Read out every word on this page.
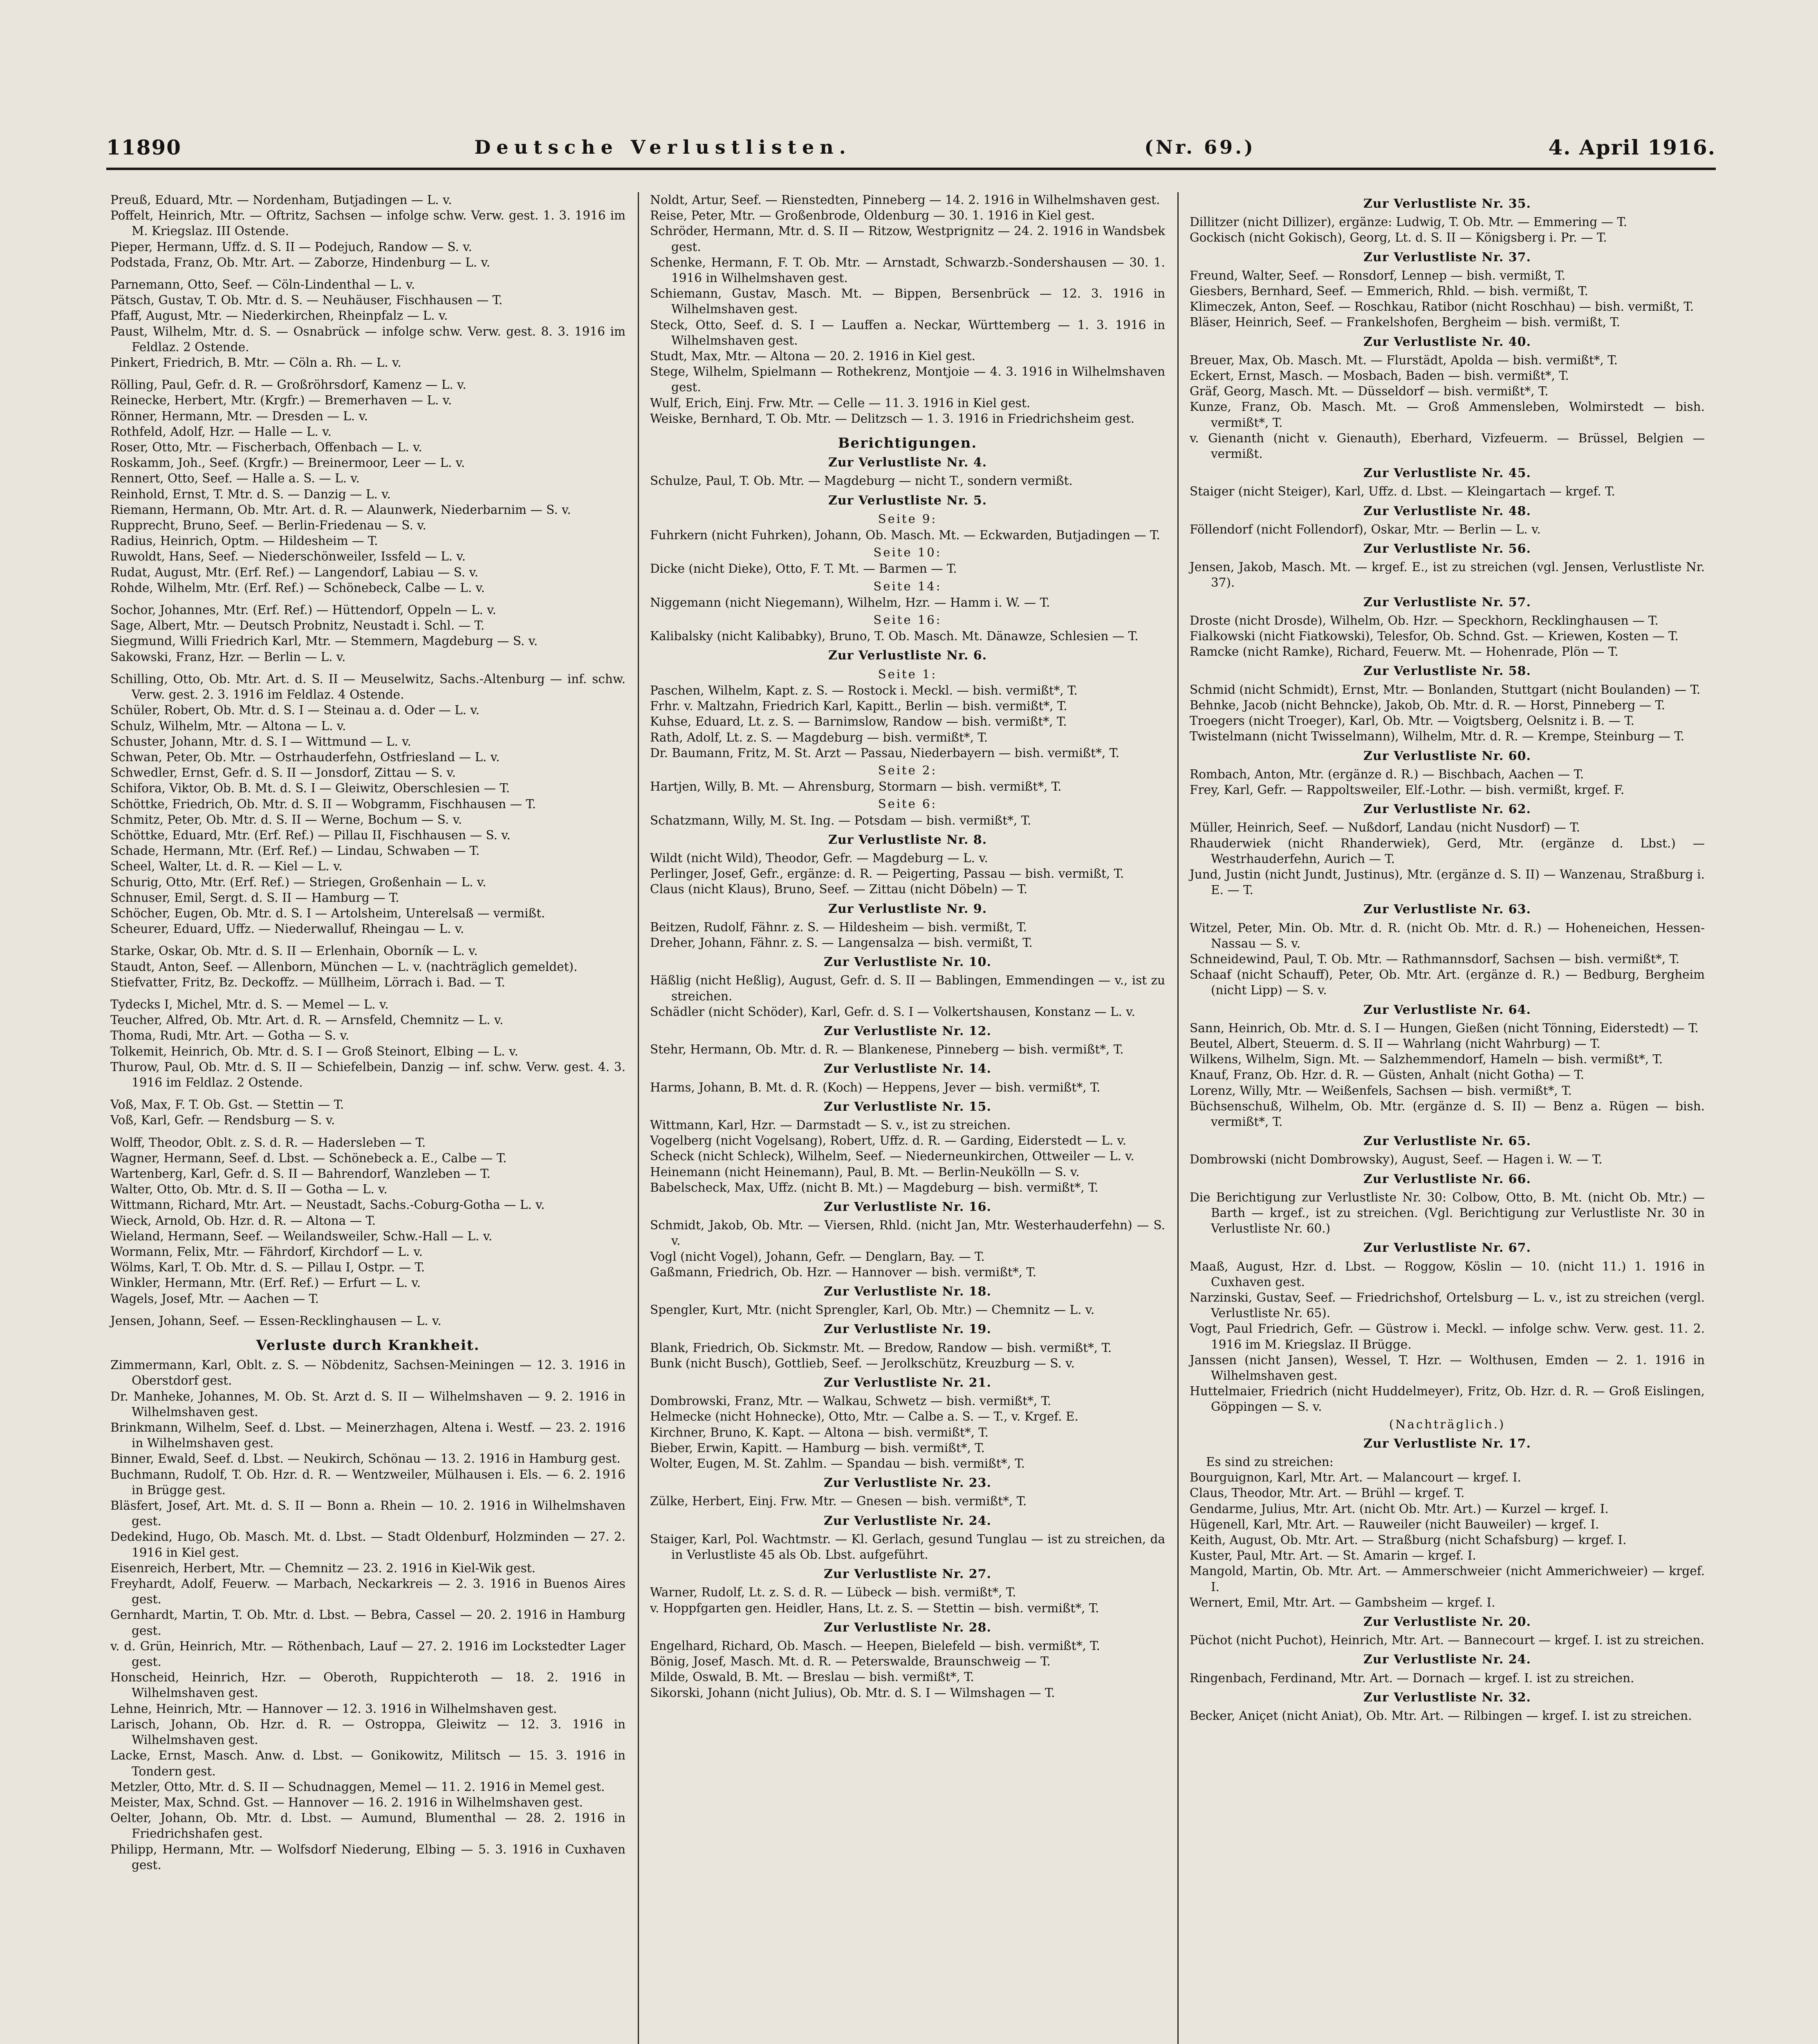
11890	Deutsche Verlustlisten.	(Nr. 69.)	4. April 1916.

Preuß, Eduard, Mtr. — Nordenham, Butjadingen — L. v.

Poffelt, Heinrich, Mtr. — Oftritz, Sachsen — infolge schw. Verw. gest. 1. 3. 1916 im M. Kriegslaz. III Ostende.

Pieper, Hermann, Uffz. d. S. II — Podejuch, Randow — S. v.

Podstada, Franz, Ob. Mtr. Art. — Zaborze, Hindenburg — L. v.

Parnemann, Otto, Seef. — Cöln-Lindenthal — L. v.

Pätsch, Gustav, T. Ob. Mtr. d. S. — Neuhäuser, Fischhausen — T.

Pfaff, August, Mtr. — Niederkirchen, Rheinpfalz — L. v.

Paust, Wilhelm, Mtr. d. S. — Osnabrück — infolge schw. Verw. gest. 8. 3. 1916 im Feldlaz. 2 Ostende.

Pinkert, Friedrich, B. Mtr. — Cöln a. Rh. — L. v.

Rölling, Paul, Gefr. d. R. — Großröhrsdorf, Kamenz — L. v.

Reinecke, Herbert, Mtr. (Krgfr.) — Bremerhaven — L. v.

Rönner, Hermann, Mtr. — Dresden — L. v.

Rothfeld, Adolf, Hzr. — Halle — L. v.

Roser, Otto, Mtr. — Fischerbach, Offenbach — L. v.

Roskamm, Joh., Seef. (Krgfr.) — Breinermoor, Leer — L. v.

Rennert, Otto, Seef. — Halle a. S. — L. v.

Reinhold, Ernst, T. Mtr. d. S. — Danzig — L. v.

Riemann, Hermann, Ob. Mtr. Art. d. R. — Alaunwerk, Niederbarnim — S. v.

Rupprecht, Bruno, Seef. — Berlin-Friedenau — S. v.

Radius, Heinrich, Optm. — Hildesheim — T.

Ruwoldt, Hans, Seef. — Niederschönweiler, Issfeld — L. v.

Rudat, August, Mtr. (Erf. Ref.) — Langendorf, Labiau — S. v.

Rohde, Wilhelm, Mtr. (Erf. Ref.) — Schönebeck, Calbe — L. v.

Sochor, Johannes, Mtr. (Erf. Ref.) — Hüttendorf, Oppeln — L. v.

Sage, Albert, Mtr. — Deutsch Probnitz, Neustadt i. Schl. — T.

Siegmund, Willi Friedrich Karl, Mtr. — Stemmern, Magdeburg — S. v.

Sakowski, Franz, Hzr. — Berlin — L. v.

Schilling, Otto, Ob. Mtr. Art. d. S. II — Meuselwitz, Sachs.-Altenburg — inf. schw. Verw. gest. 2. 3. 1916 im Feldlaz. 4 Ostende.

Schüler, Robert, Ob. Mtr. d. S. I — Steinau a. d. Oder — L. v.

Schulz, Wilhelm, Mtr. — Altona — L. v.

Schuster, Johann, Mtr. d. S. I — Wittmund — L. v.

Schwan, Peter, Ob. Mtr. — Ostrhauderfehn, Ostfriesland — L. v.

Schwedler, Ernst, Gefr. d. S. II — Jonsdorf, Zittau — S. v.

Schifora, Viktor, Ob. B. Mt. d. S. I — Gleiwitz, Oberschlesien — T.

Schöttke, Friedrich, Ob. Mtr. d. S. II — Wobgramm, Fischhausen — T.

Schmitz, Peter, Ob. Mtr. d. S. II — Werne, Bochum — S. v.

Schöttke, Eduard, Mtr. (Erf. Ref.) — Pillau II, Fischhausen — S. v.

Schade, Hermann, Mtr. (Erf. Ref.) — Lindau, Schwaben — T.

Scheel, Walter, Lt. d. R. — Kiel — L. v.

Schurig, Otto, Mtr. (Erf. Ref.) — Striegen, Großenhain — L. v.

Schnuser, Emil, Sergt. d. S. II — Hamburg — T.

Schöcher, Eugen, Ob. Mtr. d. S. I — Artolsheim, Unterelsaß — vermißt.

Scheurer, Eduard, Uffz. — Niederwalluf, Rheingau — L. v.

Starke, Oskar, Ob. Mtr. d. S. II — Erlenhain, Oborník — L. v.

Staudt, Anton, Seef. — Allenborn, München — L. v. (nachträglich gemeldet).

Stiefvatter, Fritz, Bz. Deckoffz. — Müllheim, Lörrach i. Bad. — T.

Tydecks I, Michel, Mtr. d. S. — Memel — L. v.

Teucher, Alfred, Ob. Mtr. Art. d. R. — Arnsfeld, Chemnitz — L. v.

Thoma, Rudi, Mtr. Art. — Gotha — S. v.

Tolkemit, Heinrich, Ob. Mtr. d. S. I — Groß Steinort, Elbing — L. v.

Thurow, Paul, Ob. Mtr. d. S. II — Schiefelbein, Danzig — inf. schw. Verw. gest. 4. 3. 1916 im Feldlaz. 2 Ostende.

Voß, Max, F. T. Ob. Gst. — Stettin — T.

Voß, Karl, Gefr. — Rendsburg — S. v.

Wolff, Theodor, Oblt. z. S. d. R. — Hadersleben — T.

Wagner, Hermann, Seef. d. Lbst. — Schönebeck a. E., Calbe — T.

Wartenberg, Karl, Gefr. d. S. II — Bahrendorf, Wanzleben — T.

Walter, Otto, Ob. Mtr. d. S. II — Gotha — L. v.

Wittmann, Richard, Mtr. Art. — Neustadt, Sachs.-Coburg-Gotha — L. v.

Wieck, Arnold, Ob. Hzr. d. R. — Altona — T.

Wieland, Hermann, Seef. — Weilandsweiler, Schw.-Hall — L. v.

Wormann, Felix, Mtr. — Fährdorf, Kirchdorf — L. v.

Wölms, Karl, T. Ob. Mtr. d. S. — Pillau I, Ostpr. — T.

Winkler, Hermann, Mtr. (Erf. Ref.) — Erfurt — L. v.

Wagels, Josef, Mtr. — Aachen — T.

Jensen, Johann, Seef. — Essen-Recklinghausen — L. v.

Verluste durch Krankheit.

Zimmermann, Karl, Oblt. z. S. — Nöbdenitz, Sachsen-Meiningen — 12. 3. 1916 in Oberstdorf gest.

Dr. Manheke, Johannes, M. Ob. St. Arzt d. S. II — Wilhelmshaven — 9. 2. 1916 in Wilhelmshaven gest.

Brinkmann, Wilhelm, Seef. d. Lbst. — Meinerzhagen, Altena i. Westf. — 23. 2. 1916 in Wilhelmshaven gest.

Binner, Ewald, Seef. d. Lbst. — Neukirch, Schönau — 13. 2. 1916 in Hamburg gest.

Buchmann, Rudolf, T. Ob. Hzr. d. R. — Wentzweiler, Mülhausen i. Els. — 6. 2. 1916 in Brügge gest.

Bläsfert, Josef, Art. Mt. d. S. II — Bonn a. Rhein — 10. 2. 1916 in Wilhelmshaven gest.

Dedekind, Hugo, Ob. Masch. Mt. d. Lbst. — Stadt Oldenburf, Holzminden — 27. 2. 1916 in Kiel gest.

Eisenreich, Herbert, Mtr. — Chemnitz — 23. 2. 1916 in Kiel-Wik gest.

Freyhardt, Adolf, Feuerw. — Marbach, Neckarkreis — 2. 3. 1916 in Buenos Aires gest.

Gernhardt, Martin, T. Ob. Mtr. d. Lbst. — Bebra, Cassel — 20. 2. 1916 in Hamburg gest.

v. d. Grün, Heinrich, Mtr. — Röthenbach, Lauf — 27. 2. 1916 im Lockstedter Lager gest.

Honscheid, Heinrich, Hzr. — Oberoth, Ruppichteroth — 18. 2. 1916 in Wilhelmshaven gest.

Lehne, Heinrich, Mtr. — Hannover — 12. 3. 1916 in Wilhelmshaven gest.

Larisch, Johann, Ob. Hzr. d. R. — Ostroppa, Gleiwitz — 12. 3. 1916 in Wilhelmshaven gest.

Lacke, Ernst, Masch. Anw. d. Lbst. — Gonikowitz, Militsch — 15. 3. 1916 in Tondern gest.

Metzler, Otto, Mtr. d. S. II — Schudnaggen, Memel — 11. 2. 1916 in Memel gest.

Meister, Max, Schnd. Gst. — Hannover — 16. 2. 1916 in Wilhelmshaven gest.

Oelter, Johann, Ob. Mtr. d. Lbst. — Aumund, Blumenthal — 28. 2. 1916 in Friedrichshafen gest.

Philipp, Hermann, Mtr. — Wolfsdorf Niederung, Elbing — 5. 3. 1916 in Cuxhaven gest.

Noldt, Artur, Seef. — Rienstedten, Pinneberg — 14. 2. 1916 in Wilhelmshaven gest.

Reise, Peter, Mtr. — Großenbrode, Oldenburg — 30. 1. 1916 in Kiel gest.

Schröder, Hermann, Mtr. d. S. II — Ritzow, Westprignitz — 24. 2. 1916 in Wandsbek gest.

Schenke, Hermann, F. T. Ob. Mtr. — Arnstadt, Schwarzb.-Sondershausen — 30. 1. 1916 in Wilhelmshaven gest.

Schiemann, Gustav, Masch. Mt. — Bippen, Bersenbrück — 12. 3. 1916 in Wilhelmshaven gest.

Steck, Otto, Seef. d. S. I — Lauffen a. Neckar, Württemberg — 1. 3. 1916 in Wilhelmshaven gest.

Studt, Max, Mtr. — Altona — 20. 2. 1916 in Kiel gest.

Stege, Wilhelm, Spielmann — Rothekrenz, Montjoie — 4. 3. 1916 in Wilhelmshaven gest.

Wulf, Erich, Einj. Frw. Mtr. — Celle — 11. 3. 1916 in Kiel gest.

Weiske, Bernhard, T. Ob. Mtr. — Delitzsch — 1. 3. 1916 in Friedrichsheim gest.

Berichtigungen.
Zur Verlustliste Nr. 4.

Schulze, Paul, T. Ob. Mtr. — Magdeburg — nicht T., sondern vermißt.

Zur Verlustliste Nr. 5.
Seite 9:

Fuhrkern (nicht Fuhrken), Johann, Ob. Masch. Mt. — Eckwarden, Butjadingen — T.

Seite 10:

Dicke (nicht Dieke), Otto, F. T. Mt. — Barmen — T.

Seite 14:

Niggemann (nicht Niegemann), Wilhelm, Hzr. — Hamm i. W. — T.

Seite 16:

Kalibalsky (nicht Kalibabky), Bruno, T. Ob. Masch. Mt. Dänawze, Schlesien — T.

Zur Verlustliste Nr. 6.
Seite 1:

Paschen, Wilhelm, Kapt. z. S. — Rostock i. Meckl. — bish. vermißt*, T.

Frhr. v. Maltzahn, Friedrich Karl, Kapitt., Berlin — bish. vermißt*, T.

Kuhse, Eduard, Lt. z. S. — Barnimslow, Randow — bish. vermißt*, T.

Rath, Adolf, Lt. z. S. — Magdeburg — bish. vermißt*, T.

Dr. Baumann, Fritz, M. St. Arzt — Passau, Niederbayern — bish. vermißt*, T.

Seite 2:

Hartjen, Willy, B. Mt. — Ahrensburg, Stormarn — bish. vermißt*, T.

Seite 6:

Schatzmann, Willy, M. St. Ing. — Potsdam — bish. vermißt*, T.

Zur Verlustliste Nr. 8.

Wildt (nicht Wild), Theodor, Gefr. — Magdeburg — L. v.

Perlinger, Josef, Gefr., ergänze: d. R. — Peigerting, Passau — bish. vermißt, T.

Claus (nicht Klaus), Bruno, Seef. — Zittau (nicht Döbeln) — T.

Zur Verlustliste Nr. 9.

Beitzen, Rudolf, Fähnr. z. S. — Hildesheim — bish. vermißt, T.

Dreher, Johann, Fähnr. z. S. — Langensalza — bish. vermißt, T.

Zur Verlustliste Nr. 10.

Häßlig (nicht Heßlig), August, Gefr. d. S. II — Bablingen, Emmendingen — v., ist zu streichen.

Schädler (nicht Schöder), Karl, Gefr. d. S. I — Volkertshausen, Konstanz — L. v.

Zur Verlustliste Nr. 12.

Stehr, Hermann, Ob. Mtr. d. R. — Blankenese, Pinneberg — bish. vermißt*, T.

Zur Verlustliste Nr. 14.

Harms, Johann, B. Mt. d. R. (Koch) — Heppens, Jever — bish. vermißt*, T.

Zur Verlustliste Nr. 15.

Wittmann, Karl, Hzr. — Darmstadt — S. v., ist zu streichen.

Vogelberg (nicht Vogelsang), Robert, Uffz. d. R. — Garding, Eiderstedt — L. v.

Scheck (nicht Schleck), Wilhelm, Seef. — Niederneunkirchen, Ottweiler — L. v.

Heinemann (nicht Heinemann), Paul, B. Mt. — Berlin-Neukölln — S. v.

Babelscheck, Max, Uffz. (nicht B. Mt.) — Magdeburg — bish. vermißt*, T.

Zur Verlustliste Nr. 16.

Schmidt, Jakob, Ob. Mtr. — Viersen, Rhld. (nicht Jan, Mtr. Westerhauderfehn) — S. v.

Vogl (nicht Vogel), Johann, Gefr. — Denglarn, Bay. — T.

Gaßmann, Friedrich, Ob. Hzr. — Hannover — bish. vermißt*, T.

Zur Verlustliste Nr. 18.

Spengler, Kurt, Mtr. (nicht Sprengler, Karl, Ob. Mtr.) — Chemnitz — L. v.

Zur Verlustliste Nr. 19.

Blank, Friedrich, Ob. Sickmstr. Mt. — Bredow, Randow — bish. vermißt*, T.

Bunk (nicht Busch), Gottlieb, Seef. — Jerolkschütz, Kreuzburg — S. v.

Zur Verlustliste Nr. 21.

Dombrowski, Franz, Mtr. — Walkau, Schwetz — bish. vermißt*, T.

Helmecke (nicht Hohnecke), Otto, Mtr. — Calbe a. S. — T., v. Krgef. E.

Kirchner, Bruno, K. Kapt. — Altona — bish. vermißt*, T.

Bieber, Erwin, Kapitt. — Hamburg — bish. vermißt*, T.

Wolter, Eugen, M. St. Zahlm. — Spandau — bish. vermißt*, T.

Zur Verlustliste Nr. 23.

Zülke, Herbert, Einj. Frw. Mtr. — Gnesen — bish. vermißt*, T.

Zur Verlustliste Nr. 24.

Staiger, Karl, Pol. Wachtmstr. — Kl. Gerlach, gesund Tunglau — ist zu streichen, da in Verlustliste 45 als Ob. Lbst. aufgeführt.

Zur Verlustliste Nr. 27.

Warner, Rudolf, Lt. z. S. d. R. — Lübeck — bish. vermißt*, T.

v. Hoppfgarten gen. Heidler, Hans, Lt. z. S. — Stettin — bish. vermißt*, T.

Zur Verlustliste Nr. 28.

Engelhard, Richard, Ob. Masch. — Heepen, Bielefeld — bish. vermißt*, T.

Bönig, Josef, Masch. Mt. d. R. — Peterswalde, Braunschweig — T.

Milde, Oswald, B. Mt. — Breslau — bish. vermißt*, T.

Sikorski, Johann (nicht Julius), Ob. Mtr. d. S. I — Wilmshagen — T.

Zur Verlustliste Nr. 35.

Dillitzer (nicht Dillizer), ergänze: Ludwig, T. Ob. Mtr. — Emmering — T.

Gockisch (nicht Gokisch), Georg, Lt. d. S. II — Königsberg i. Pr. — T.

Zur Verlustliste Nr. 37.

Freund, Walter, Seef. — Ronsdorf, Lennep — bish. vermißt, T.

Giesbers, Bernhard, Seef. — Emmerich, Rhld. — bish. vermißt, T.

Klimeczek, Anton, Seef. — Roschkau, Ratibor (nicht Roschhau) — bish. vermißt, T.

Bläser, Heinrich, Seef. — Frankelshofen, Bergheim — bish. vermißt, T.

Zur Verlustliste Nr. 40.

Breuer, Max, Ob. Masch. Mt. — Flurstädt, Apolda — bish. vermißt*, T.

Eckert, Ernst, Masch. — Mosbach, Baden — bish. vermißt*, T.

Gräf, Georg, Masch. Mt. — Düsseldorf — bish. vermißt*, T.

Kunze, Franz, Ob. Masch. Mt. — Groß Ammensleben, Wolmirstedt — bish. vermißt*, T.

v. Gienanth (nicht v. Gienauth), Eberhard, Vizfeuerm. — Brüssel, Belgien — vermißt.

Zur Verlustliste Nr. 45.

Staiger (nicht Steiger), Karl, Uffz. d. Lbst. — Kleingartach — krgef. T.

Zur Verlustliste Nr. 48.

Föllendorf (nicht Follendorf), Oskar, Mtr. — Berlin — L. v.

Zur Verlustliste Nr. 56.

Jensen, Jakob, Masch. Mt. — krgef. E., ist zu streichen (vgl. Jensen, Verlustliste Nr. 37).

Zur Verlustliste Nr. 57.

Droste (nicht Drosde), Wilhelm, Ob. Hzr. — Speckhorn, Recklinghausen — T.

Fialkowski (nicht Fiatkowski), Telesfor, Ob. Schnd. Gst. — Kriewen, Kosten — T.

Ramcke (nicht Ramke), Richard, Feuerw. Mt. — Hohenrade, Plön — T.

Zur Verlustliste Nr. 58.

Schmid (nicht Schmidt), Ernst, Mtr. — Bonlanden, Stuttgart (nicht Boulanden) — T.

Behnke, Jacob (nicht Behncke), Jakob, Ob. Mtr. d. R. — Horst, Pinneberg — T.

Troegers (nicht Troeger), Karl, Ob. Mtr. — Voigtsberg, Oelsnitz i. B. — T.

Twistelmann (nicht Twisselmann), Wilhelm, Mtr. d. R. — Krempe, Steinburg — T.

Zur Verlustliste Nr. 60.

Rombach, Anton, Mtr. (ergänze d. R.) — Bischbach, Aachen — T.

Frey, Karl, Gefr. — Rappoltsweiler, Elf.-Lothr. — bish. vermißt, krgef. F.

Zur Verlustliste Nr. 62.

Müller, Heinrich, Seef. — Nußdorf, Landau (nicht Nusdorf) — T.

Rhauderwiek (nicht Rhanderwiek), Gerd, Mtr. (ergänze d. Lbst.) — Westrhauderfehn, Aurich — T.

Jund, Justin (nicht Jundt, Justinus), Mtr. (ergänze d. S. II) — Wanzenau, Straßburg i. E. — T.

Zur Verlustliste Nr. 63.

Witzel, Peter, Min. Ob. Mtr. d. R. (nicht Ob. Mtr. d. R.) — Hoheneichen, Hessen-Nassau — S. v.

Schneidewind, Paul, T. Ob. Mtr. — Rathmannsdorf, Sachsen — bish. vermißt*, T.

Schaaf (nicht Schauff), Peter, Ob. Mtr. Art. (ergänze d. R.) — Bedburg, Bergheim (nicht Lipp) — S. v.

Zur Verlustliste Nr. 64.

Sann, Heinrich, Ob. Mtr. d. S. I — Hungen, Gießen (nicht Tönning, Eiderstedt) — T.

Beutel, Albert, Steuerm. d. S. II — Wahrlang (nicht Wahrburg) — T.

Wilkens, Wilhelm, Sign. Mt. — Salzhemmendorf, Hameln — bish. vermißt*, T.

Knauf, Franz, Ob. Hzr. d. R. — Güsten, Anhalt (nicht Gotha) — T.

Lorenz, Willy, Mtr. — Weißenfels, Sachsen — bish. vermißt*, T.

Büchsenschuß, Wilhelm, Ob. Mtr. (ergänze d. S. II) — Benz a. Rügen — bish. vermißt*, T.

Zur Verlustliste Nr. 65.

Dombrowski (nicht Dombrowsky), August, Seef. — Hagen i. W. — T.

Zur Verlustliste Nr. 66.

Die Berichtigung zur Verlustliste Nr. 30: Colbow, Otto, B. Mt. (nicht Ob. Mtr.) — Barth — krgef., ist zu streichen. (Vgl. Berichtigung zur Verlustliste Nr. 30 in Verlustliste Nr. 60.)

Zur Verlustliste Nr. 67.

Maaß, August, Hzr. d. Lbst. — Roggow, Köslin — 10. (nicht 11.) 1. 1916 in Cuxhaven gest.

Narzinski, Gustav, Seef. — Friedrichshof, Ortelsburg — L. v., ist zu streichen (vergl. Verlustliste Nr. 65).

Vogt, Paul Friedrich, Gefr. — Güstrow i. Meckl. — infolge schw. Verw. gest. 11. 2. 1916 im M. Kriegslaz. II Brügge.

Janssen (nicht Jansen), Wessel, T. Hzr. — Wolthusen, Emden — 2. 1. 1916 in Wilhelmshaven gest.

Huttelmaier, Friedrich (nicht Huddelmeyer), Fritz, Ob. Hzr. d. R. — Groß Eislingen, Göppingen — S. v.

(Nachträglich.)
Zur Verlustliste Nr. 17.

Es sind zu streichen:

Bourguignon, Karl, Mtr. Art. — Malancourt — krgef. I.

Claus, Theodor, Mtr. Art. — Brühl — krgef. T.

Gendarme, Julius, Mtr. Art. (nicht Ob. Mtr. Art.) — Kurzel — krgef. I.

Hügenell, Karl, Mtr. Art. — Rauweiler (nicht Bauweiler) — krgef. I.

Keith, August, Ob. Mtr. Art. — Straßburg (nicht Schafsburg) — krgef. I.

Kuster, Paul, Mtr. Art. — St. Amarin — krgef. I.

Mangold, Martin, Ob. Mtr. Art. — Ammerschweier (nicht Ammerichweier) — krgef. I.

Wernert, Emil, Mtr. Art. — Gambsheim — krgef. I.

Zur Verlustliste Nr. 20.

Püchot (nicht Puchot), Heinrich, Mtr. Art. — Bannecourt — krgef. I. ist zu streichen.

Zur Verlustliste Nr. 24.

Ringenbach, Ferdinand, Mtr. Art. — Dornach — krgef. I. ist zu streichen.

Zur Verlustliste Nr. 32.

Becker, Aniçet (nicht Aniat), Ob. Mtr. Art. — Rilbingen — krgef. I. ist zu streichen.
